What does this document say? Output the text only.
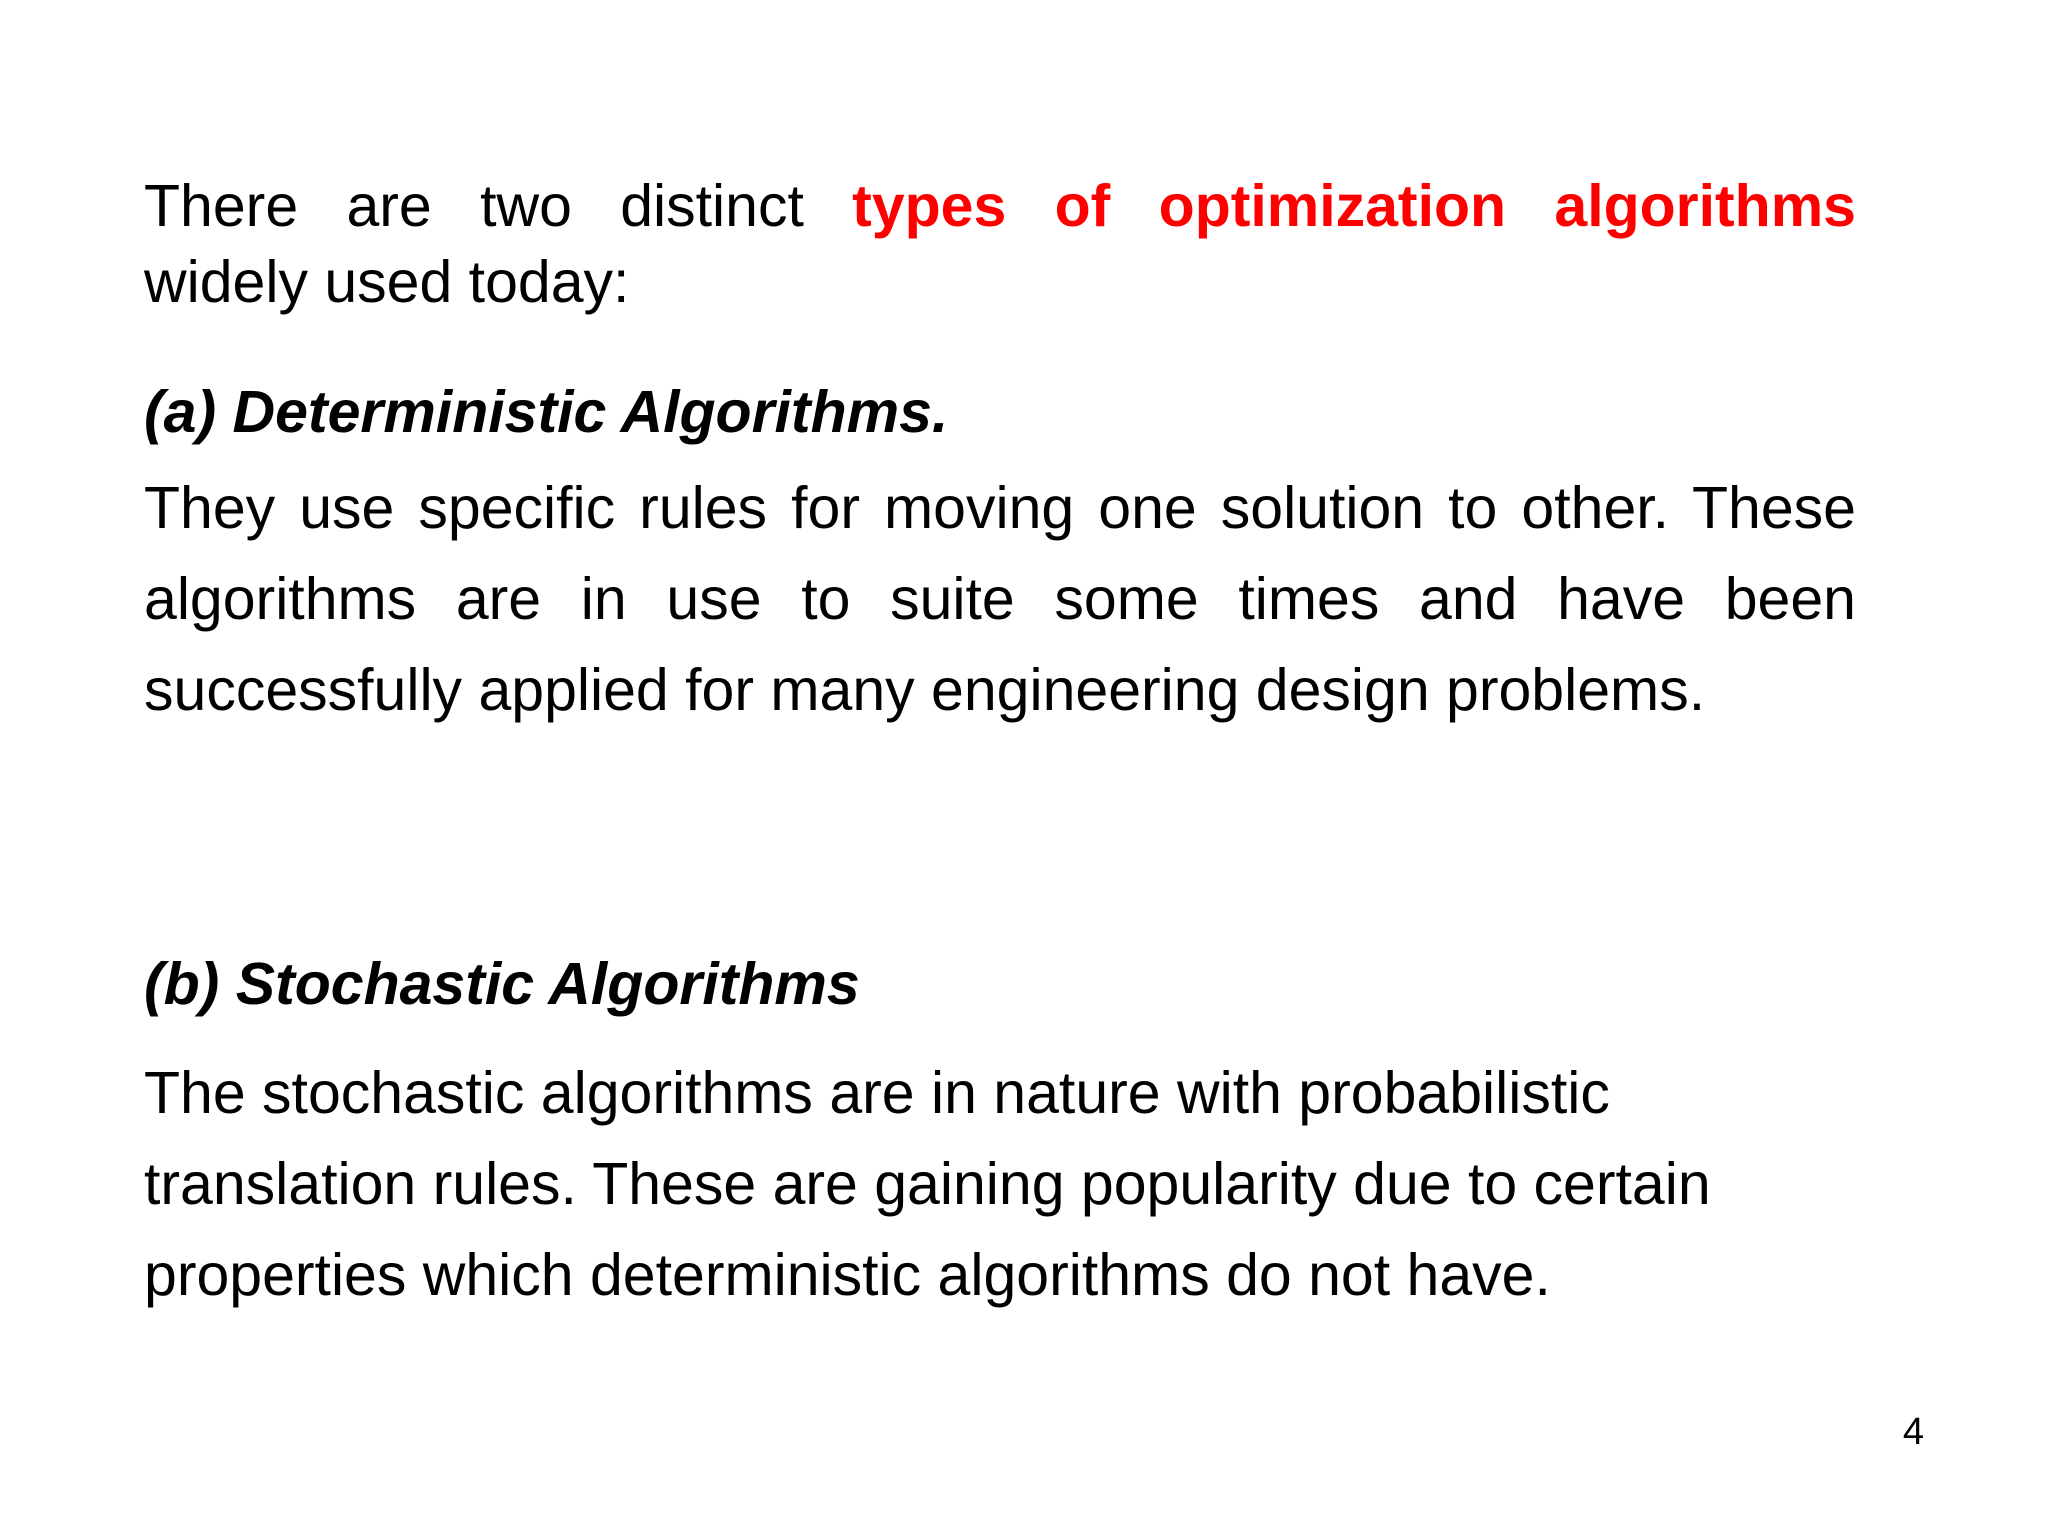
There are two distinct types of optimization algorithms
widely used today:
(a) Deterministic Algorithms.
They use specific rules for moving one solution to other. These algorithms are in use to suite some times and have been successfully applied for many engineering design problems.
(b) Stochastic Algorithms
The stochastic algorithms are in nature with probabilistic
translation rules. These are gaining popularity due to certain
properties which deterministic algorithms do not have.
4
